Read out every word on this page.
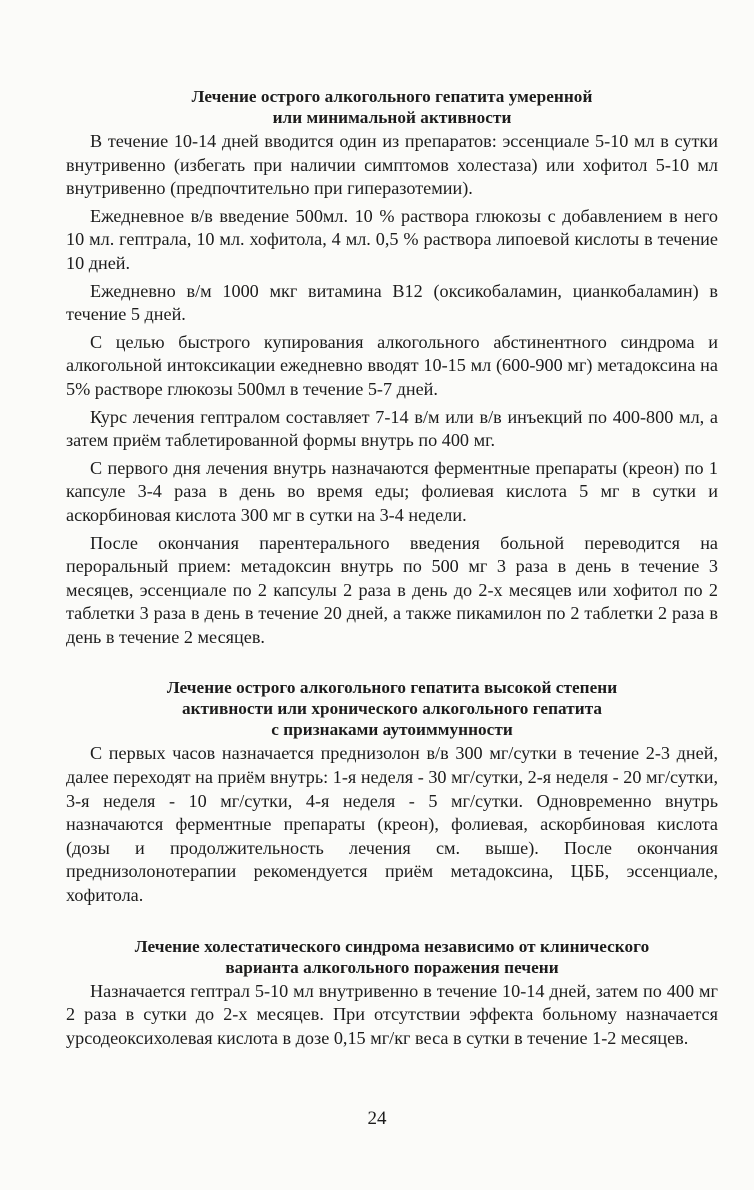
Лечение острого алкогольного гепатита умеренной
или минимальной активности

В течение 10-14 дней вводится один из препаратов: эссенциале 5-10 мл в сутки внутривенно (избегать при наличии симптомов холестаза) или хофитол 5-10 мл внутривенно (предпочтительно при гиперазотемии).

Ежедневное в/в введение 500мл. 10 % раствора глюкозы с добавлением в него 10 мл. гептрала, 10 мл. хофитола, 4 мл. 0,5 % раствора липоевой кислоты в течение 10 дней.

Ежедневно в/м 1000 мкг витамина В12 (оксикобаламин, цианкобаламин) в течение 5 дней.

С целью быстрого купирования алкогольного абстинентного синдрома и алкогольной интоксикации ежедневно вводят 10-15 мл (600-900 мг) метадоксина на 5% растворе глюкозы 500мл в течение 5-7 дней.

Курс лечения гептралом составляет 7-14 в/м или в/в инъекций по 400-800 мл, а затем приём таблетированной формы внутрь по 400 мг.

С первого дня лечения внутрь назначаются ферментные препараты (креон) по 1 капсуле 3-4 раза в день во время еды; фолиевая кислота 5 мг в сутки и аскорбиновая кислота 300 мг в сутки на 3-4 недели.

После окончания парентерального введения больной переводится на пероральный прием: метадоксин внутрь по 500 мг 3 раза в день в течение 3 месяцев, эссенциале по 2 капсулы 2 раза в день до 2-х месяцев или хофитол по 2 таблетки 3 раза в день в течение 20 дней, а также пикамилон по 2 таблетки 2 раза в день в течение 2 месяцев.

Лечение острого алкогольного гепатита высокой степени
активности или хронического алкогольного гепатита
с признаками аутоиммунности

С первых часов назначается преднизолон в/в 300 мг/сутки в течение 2-3 дней, далее переходят на приём внутрь: 1-я неделя - 30 мг/сутки, 2-я неделя - 20 мг/сутки, 3-я неделя - 10 мг/сутки, 4-я неделя - 5 мг/сутки. Одновременно внутрь назначаются ферментные препараты (креон), фолиевая, аскорбиновая кислота (дозы и продолжительность лечения см. выше). После окончания преднизолонотерапии рекомендуется приём метадоксина, ЦББ, эссенциале, хофитола.

Лечение холестатического синдрома независимо от клинического
варианта алкогольного поражения печени

Назначается гептрал 5-10 мл внутривенно в течение 10-14 дней, затем по 400 мг 2 раза в сутки до 2-х месяцев. При отсутствии эффекта больному назначается урсодеоксихолевая кислота в дозе 0,15 мг/кг веса в сутки в течение 1-2 месяцев.

24
